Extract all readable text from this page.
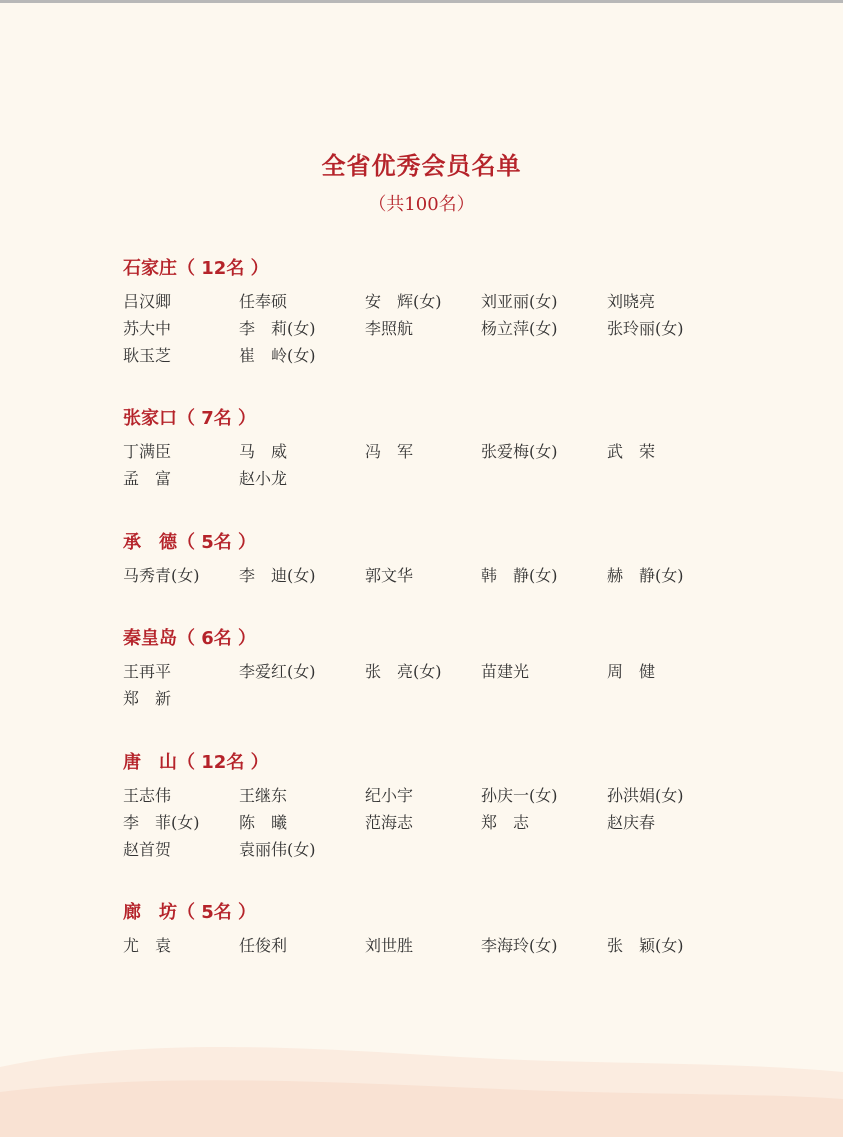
全省优秀会员名单
（共100名）
石家庄（ 12名 ）
吕汉卿	任奉硕	安　辉(女)	刘亚丽(女)	刘晓亮
苏大中	李　莉(女)	李照航	杨立萍(女)	张玲丽(女)
耿玉芝	崔　岭(女)
张家口（ 7名 ）
丁满臣	马　威	冯　军	张爱梅(女)	武　荣
孟　富	赵小龙
承　德（ 5名 ）
马秀青(女)	李　迪(女)	郭文华	韩　静(女)	赫　静(女)
秦皇岛（ 6名 ）
王再平	李爱红(女)	张　亮(女)	苗建光	周　健
郑　新
唐　山（ 12名 ）
王志伟	王继东	纪小宇	孙庆一(女)	孙洪娟(女)
李　菲(女)	陈　曦	范海志	郑　志	赵庆春
赵首贺	袁丽伟(女)
廊　坊（ 5名 ）
尤　袁	任俊利	刘世胜	李海玲(女)	张　颖(女)
